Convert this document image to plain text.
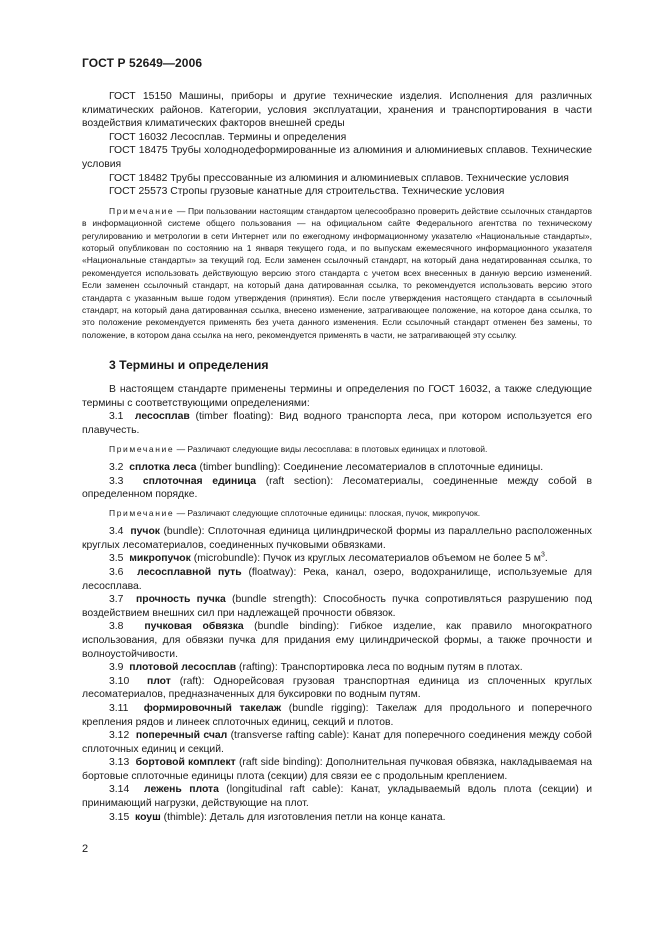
ГОСТ Р 52649—2006

ГОСТ 15150 Машины, приборы и другие технические изделия. Исполнения для различных климатических районов. Категории, условия эксплуатации, хранения и транспортирования в части воздействия климатических факторов внешней среды

ГОСТ 16032 Лесосплав. Термины и определения

ГОСТ 18475 Трубы холоднодеформированные из алюминия и алюминиевых сплавов. Технические условия

ГОСТ 18482 Трубы прессованные из алюминия и алюминиевых сплавов. Технические условия

ГОСТ 25573 Стропы грузовые канатные для строительства. Технические условия

Примечание — При пользовании настоящим стандартом целесообразно проверить действие ссылочных стандартов в информационной системе общего пользования — на официальном сайте Федерального агентства по техническому регулированию и метрологии в сети Интернет или по ежегодному информационному указателю «Национальные стандарты», который опубликован по состоянию на 1 января текущего года, и по выпускам ежемесячного информационного указателя «Национальные стандарты» за текущий год. Если заменен ссылочный стандарт, на который дана недатированная ссылка, то рекомендуется использовать действующую версию этого стандарта с учетом всех внесенных в данную версию изменений. Если заменен ссылочный стандарт, на который дана датированная ссылка, то рекомендуется использовать версию этого стандарта с указанным выше годом утверждения (принятия). Если после утверждения настоящего стандарта в ссылочный стандарт, на который дана датированная ссылка, внесено изменение, затрагивающее положение, на которое дана ссылка, то это положение рекомендуется применять без учета данного изменения. Если ссылочный стандарт отменен без замены, то положение, в котором дана ссылка на него, рекомендуется применять в части, не затрагивающей эту ссылку.

3 Термины и определения

В настоящем стандарте применены термины и определения по ГОСТ 16032, а также следующие термины с соответствующими определениями:

3.1 лесосплав (timber floating): Вид водного транспорта леса, при котором используется его плавучесть.

Примечание — Различают следующие виды лесосплава: в плотовых единицах и плотовой.

3.2 сплотка леса (timber bundling): Соединение лесоматериалов в сплоточные единицы.

3.3 сплоточная единица (raft section): Лесоматериалы, соединенные между собой в определенном порядке.

Примечание — Различают следующие сплоточные единицы: плоская, пучок, микропучок.

3.4 пучок (bundle): Сплоточная единица цилиндрической формы из параллельно расположенных круглых лесоматериалов, соединенных пучковыми обвязками.

3.5 микропучок (microbundle): Пучок из круглых лесоматериалов объемом не более 5 $м^3$.

3.6 лесосплавной путь (floatway): Река, канал, озеро, водохранилище, используемые для лесосплава.

3.7 прочность пучка (bundle strength): Способность пучка сопротивляться разрушению под воздействием внешних сил при надлежащей прочности обвязок.

3.8 пучковая обвязка (bundle binding): Гибкое изделие, как правило многократного использования, для обвязки пучка для придания ему цилиндрической формы, а также прочности и волноустойчивости.

3.9 плотовой лесосплав (rafting): Транспортировка леса по водным путям в плотах.

3.10 плот (raft): Однорейсовая грузовая транспортная единица из сплоченных круглых лесоматериалов, предназначенных для буксировки по водным путям.

3.11 формировочный такелаж (bundle rigging): Такелаж для продольного и поперечного крепления рядов и линеек сплоточных единиц, секций и плотов.

3.12 поперечный счал (transverse rafting cable): Канат для поперечного соединения между собой сплоточных единиц и секций.

3.13 бортовой комплект (raft side binding): Дополнительная пучковая обвязка, накладываемая на бортовые сплоточные единицы плота (секции) для связи ее с продольным креплением.

3.14 лежень плота (longitudinal raft cable): Канат, укладываемый вдоль плота (секции) и принимающий нагрузки, действующие на плот.

3.15 коуш (thimble): Деталь для изготовления петли на конце каната.

2
